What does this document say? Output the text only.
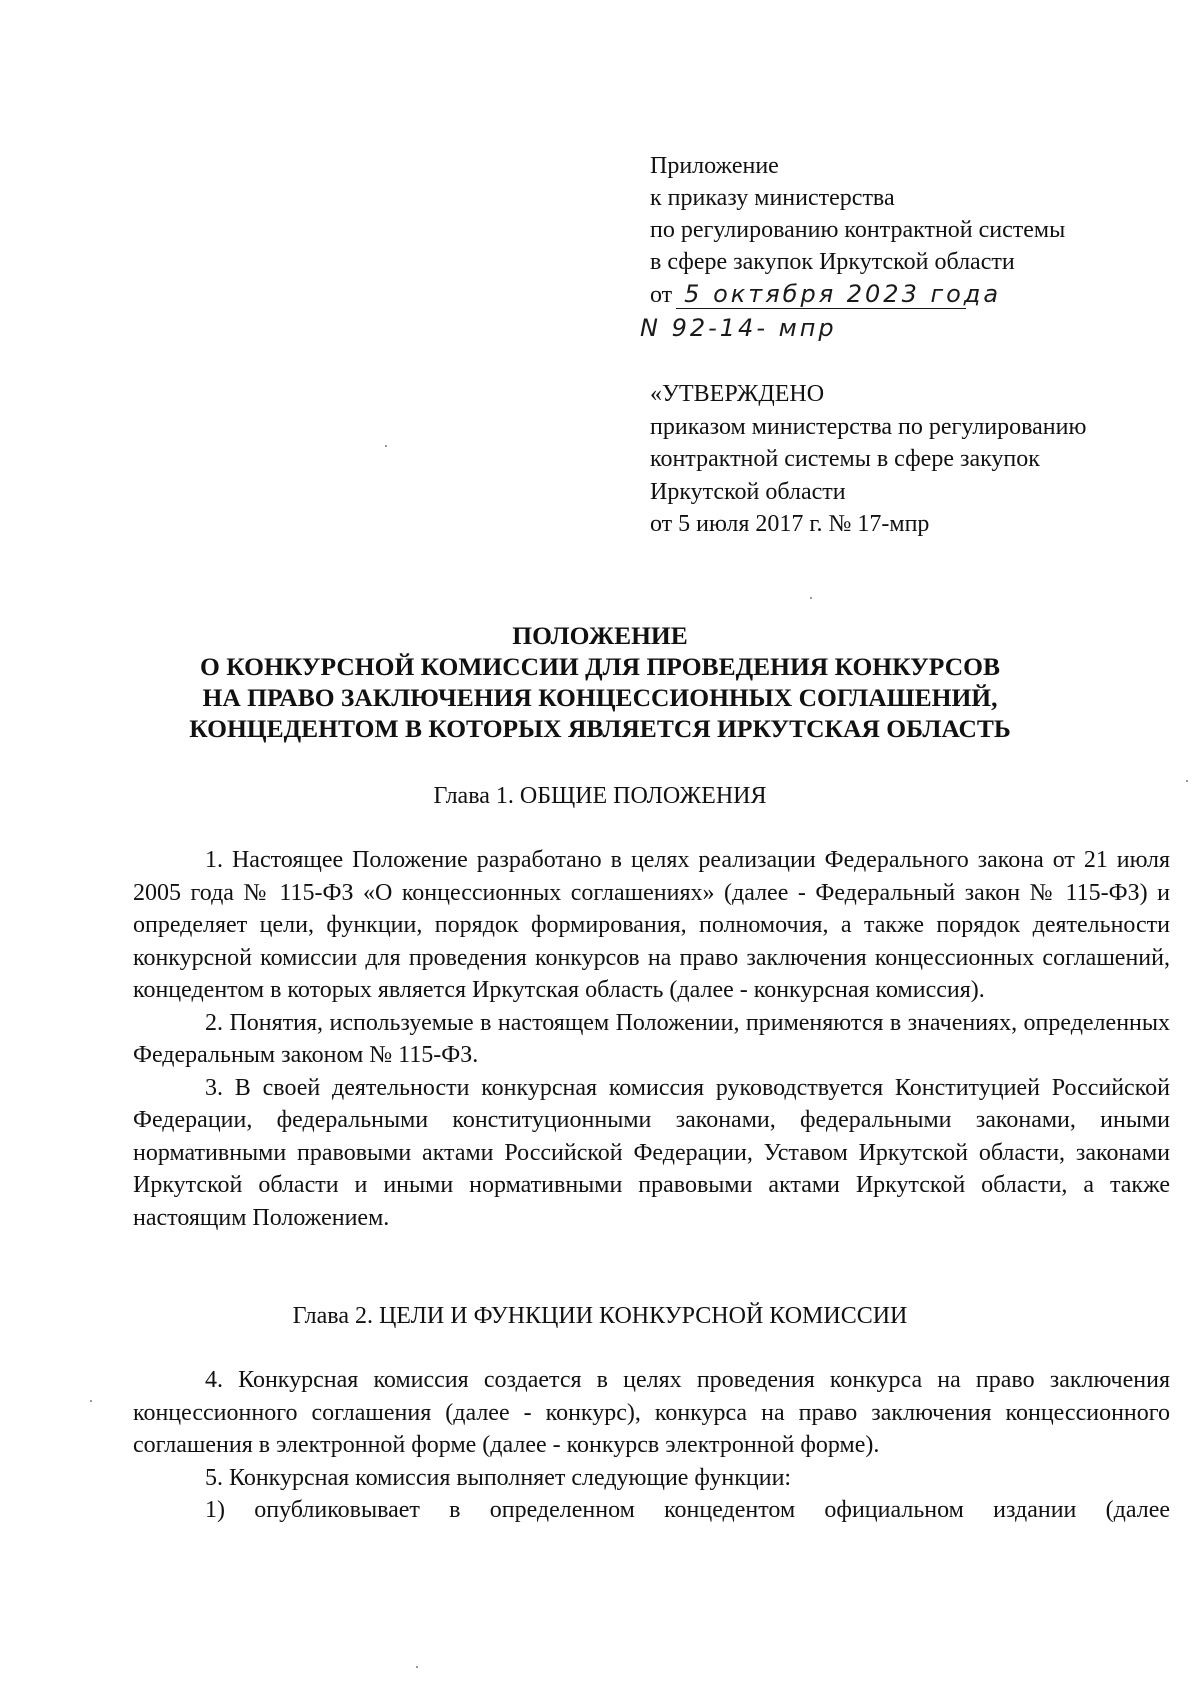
Приложение
к приказу министерства
по регулированию контрактной системы
в сфере закупок Иркутской области
от 5 октября 2023 года
N 92-14- мпр
«УТВЕРЖДЕНО
приказом министерства по регулированию
контрактной системы в сфере закупок
Иркутской области
от 5 июля 2017 г. № 17-мпр
ПОЛОЖЕНИЕ
О КОНКУРСНОЙ КОМИССИИ ДЛЯ ПРОВЕДЕНИЯ КОНКУРСОВ
НА ПРАВО ЗАКЛЮЧЕНИЯ КОНЦЕССИОННЫХ СОГЛАШЕНИЙ,
КОНЦЕДЕНТОМ В КОТОРЫХ ЯВЛЯЕТСЯ ИРКУТСКАЯ ОБЛАСТЬ
Глава 1. ОБЩИЕ ПОЛОЖЕНИЯ

1. Настоящее Положение разработано в целях реализации Федерального закона от 21 июля 2005 года № 115-ФЗ «О концессионных соглашениях» (далее - Федеральный закон № 115-ФЗ) и определяет цели, функции, порядок формирования, полномочия, а также порядок деятельности конкурсной комиссии для проведения конкурсов на право заключения концессионных соглашений, концедентом в которых является Иркутская область (далее - конкурсная комиссия).

2. Понятия, используемые в настоящем Положении, применяются в значениях, определенных Федеральным законом № 115-ФЗ.

3. В своей деятельности конкурсная комиссия руководствуется Конституцией Российской Федерации, федеральными конституционными законами, федеральными законами, иными нормативными правовыми актами Российской Федерации, Уставом Иркутской области, законами Иркутской области и иными нормативными правовыми актами Иркутской области, а также настоящим Положением.

Глава 2. ЦЕЛИ И ФУНКЦИИ КОНКУРСНОЙ КОМИССИИ

4. Конкурсная комиссия создается в целях проведения конкурса на право заключения концессионного соглашения (далее - конкурс), конкурса на право заключения концессионного соглашения в электронной форме (далее - конкурсв электронной форме).

5. Конкурсная комиссия выполняет следующие функции:

1) опубликовывает в определенном концедентом официальном издании (далее
